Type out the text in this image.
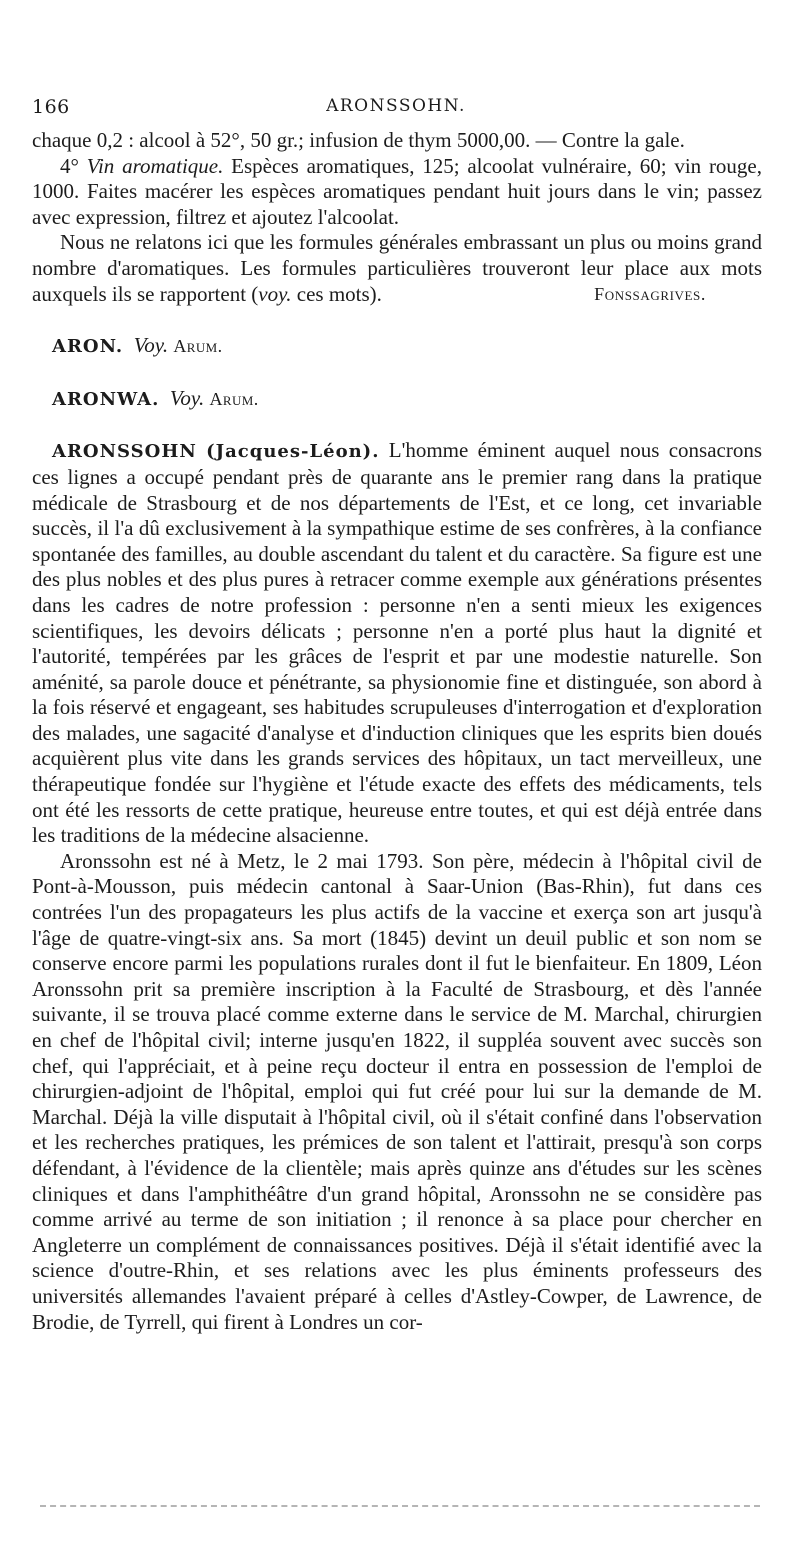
166	ARONSSOHN.

chaque 0,2 : alcool à 52°, 50 gr.; infusion de thym 5000,00. — Contre la gale.

4° Vin aromatique. Espèces aromatiques, 125; alcoolat vulnéraire, 60; vin rouge, 1000. Faites macérer les espèces aromatiques pendant huit jours dans le vin; passez avec expression, filtrez et ajoutez l'alcoolat.

Nous ne relatons ici que les formules générales embrassant un plus ou moins grand nombre d'aromatiques. Les formules particulières trouveront leur place aux mots auxquels ils se rapportent (voy. ces mots).	Fonssagrives.

ARON. Voy. Arum.

ARONWA. Voy. Arum.

ARONSSOHN (Jacques-Léon). L'homme éminent auquel nous consacrons ces lignes a occupé pendant près de quarante ans le premier rang dans la pratique médicale de Strasbourg et de nos départements de l'Est, et ce long, cet invariable succès, il l'a dû exclusivement à la sympathique estime de ses confrères, à la confiance spontanée des familles, au double ascendant du talent et du caractère. Sa figure est une des plus nobles et des plus pures à retracer comme exemple aux générations présentes dans les cadres de notre profession : personne n'en a senti mieux les exigences scientifiques, les devoirs délicats ; personne n'en a porté plus haut la dignité et l'autorité, tempérées par les grâces de l'esprit et par une modestie naturelle. Son aménité, sa parole douce et pénétrante, sa physionomie fine et distinguée, son abord à la fois réservé et engageant, ses habitudes scrupuleuses d'interrogation et d'exploration des malades, une sagacité d'analyse et d'induction cliniques que les esprits bien doués acquièrent plus vite dans les grands services des hôpitaux, un tact merveilleux, une thérapeutique fondée sur l'hygiène et l'étude exacte des effets des médicaments, tels ont été les ressorts de cette pratique, heureuse entre toutes, et qui est déjà entrée dans les traditions de la médecine alsacienne.

Aronssohn est né à Metz, le 2 mai 1793. Son père, médecin à l'hôpital civil de Pont-à-Mousson, puis médecin cantonal à Saar-Union (Bas-Rhin), fut dans ces contrées l'un des propagateurs les plus actifs de la vaccine et exerça son art jusqu'à l'âge de quatre-vingt-six ans. Sa mort (1845) devint un deuil public et son nom se conserve encore parmi les populations rurales dont il fut le bienfaiteur. En 1809, Léon Aronssohn prit sa première inscription à la Faculté de Strasbourg, et dès l'année suivante, il se trouva placé comme externe dans le service de M. Marchal, chirurgien en chef de l'hôpital civil; interne jusqu'en 1822, il suppléa souvent avec succès son chef, qui l'appréciait, et à peine reçu docteur il entra en possession de l'emploi de chirurgien-adjoint de l'hôpital, emploi qui fut créé pour lui sur la demande de M. Marchal. Déjà la ville disputait à l'hôpital civil, où il s'était confiné dans l'observation et les recherches pratiques, les prémices de son talent et l'attirait, presqu'à son corps défendant, à l'évidence de la clientèle; mais après quinze ans d'études sur les scènes cliniques et dans l'amphithéâtre d'un grand hôpital, Aronssohn ne se considère pas comme arrivé au terme de son initiation ; il renonce à sa place pour chercher en Angleterre un complément de connaissances positives. Déjà il s'était identifié avec la science d'outre-Rhin, et ses relations avec les plus éminents professeurs des universités allemandes l'avaient préparé à celles d'Astley-Cowper, de Lawrence, de Brodie, de Tyrrell, qui firent à Londres un cor-
